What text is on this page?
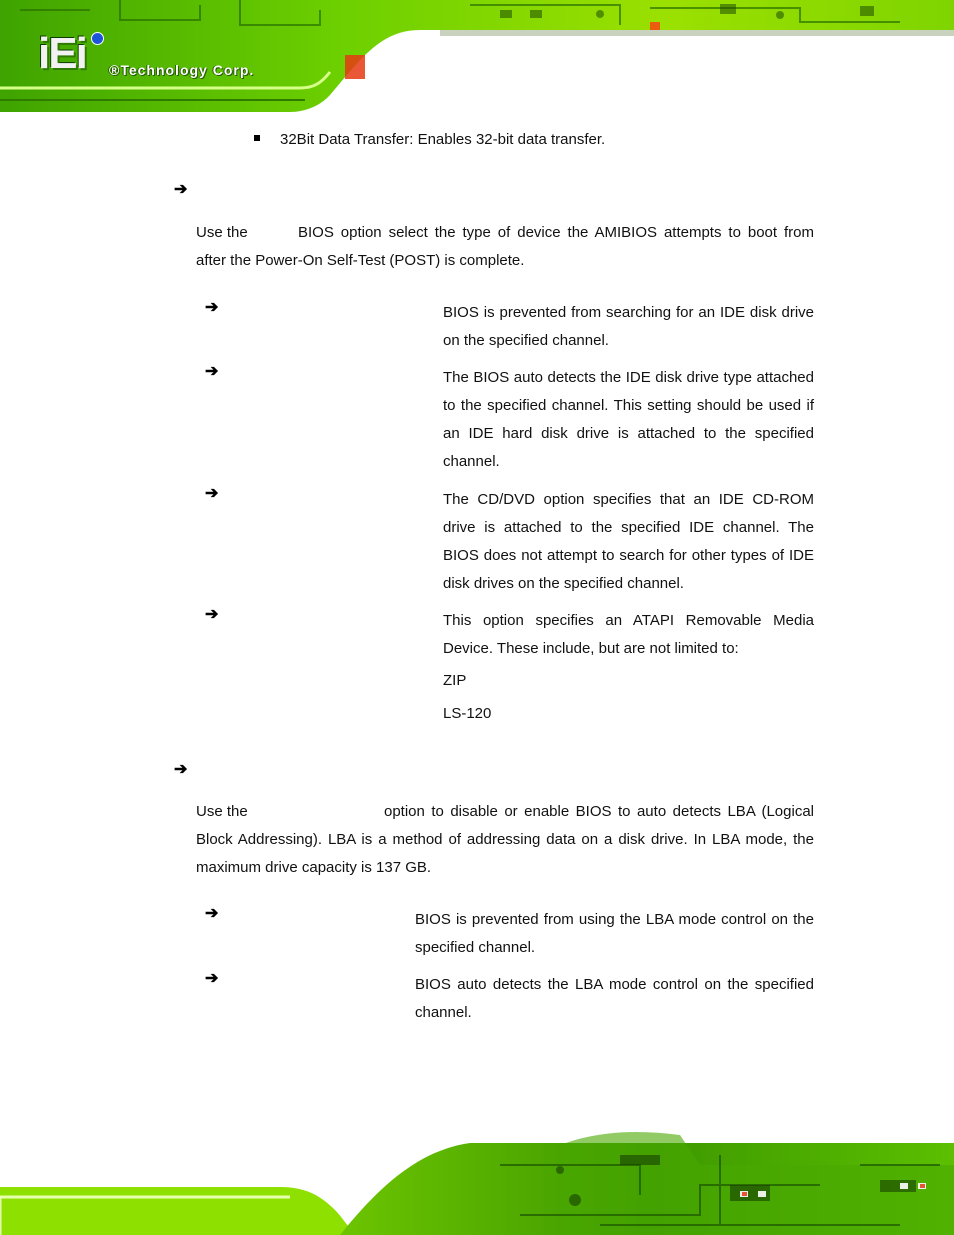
iEi ®Technology Corp.
32Bit Data Transfer: Enables 32-bit data transfer.
➔
Use the	BIOS option select the type of device the AMIBIOS attempts to boot from after the Power-On Self-Test (POST) is complete.
➔	BIOS is prevented from searching for an IDE disk drive on the specified channel.
➔	The BIOS auto detects the IDE disk drive type attached to the specified channel. This setting should be used if an IDE hard disk drive is attached to the specified channel.
➔	The CD/DVD option specifies that an IDE CD-ROM drive is attached to the specified IDE channel. The BIOS does not attempt to search for other types of IDE disk drives on the specified channel.
➔	This option specifies an ATAPI Removable Media Device. These include, but are not limited to:
ZIP
LS-120
➔
Use the	option to disable or enable BIOS to auto detects LBA (Logical Block Addressing). LBA is a method of addressing data on a disk drive. In LBA mode, the maximum drive capacity is 137 GB.
➔	BIOS is prevented from using the LBA mode control on the specified channel.
➔	BIOS auto detects the LBA mode control on the specified channel.
